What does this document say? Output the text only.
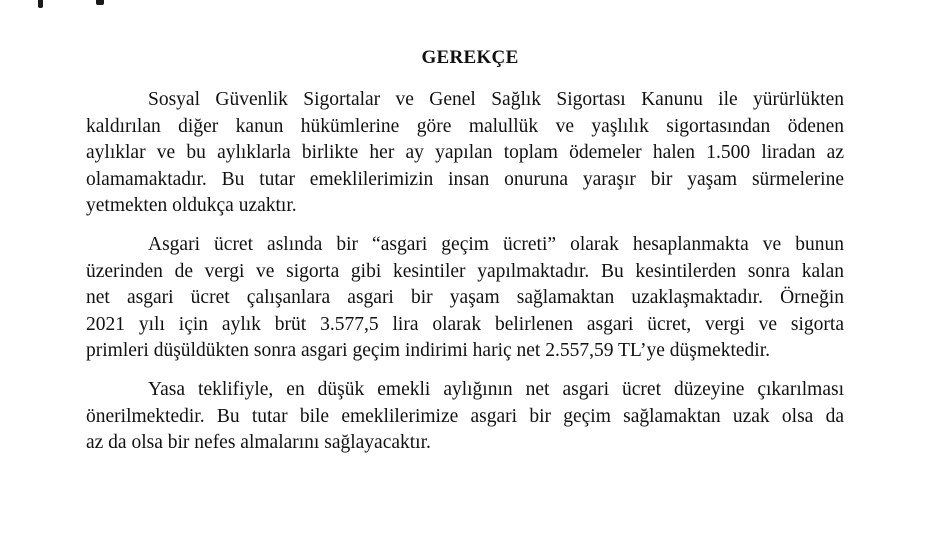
GEREKÇE
Sosyal Güvenlik Sigortalar ve Genel Sağlık Sigortası Kanunu ile yürürlükten
kaldırılan diğer kanun hükümlerine göre malullük ve yaşlılık sigortasından ödenen
aylıklar ve bu aylıklarla birlikte her ay yapılan toplam ödemeler halen 1.500 liradan az
olamamaktadır. Bu tutar emeklilerimizin insan onuruna yaraşır bir yaşam sürmelerine
yetmekten oldukça uzaktır.
Asgari ücret aslında bir “asgari geçim ücreti” olarak hesaplanmakta ve bunun
üzerinden de vergi ve sigorta gibi kesintiler yapılmaktadır. Bu kesintilerden sonra kalan
net asgari ücret çalışanlara asgari bir yaşam sağlamaktan uzaklaşmaktadır. Örneğin
2021 yılı için aylık brüt 3.577,5 lira olarak belirlenen asgari ücret, vergi ve sigorta
primleri düşüldükten sonra asgari geçim indirimi hariç net 2.557,59 TL’ye düşmektedir.
Yasa teklifiyle, en düşük emekli aylığının net asgari ücret düzeyine çıkarılması
önerilmektedir. Bu tutar bile emeklilerimize asgari bir geçim sağlamaktan uzak olsa da
az da olsa bir nefes almalarını sağlayacaktır.
